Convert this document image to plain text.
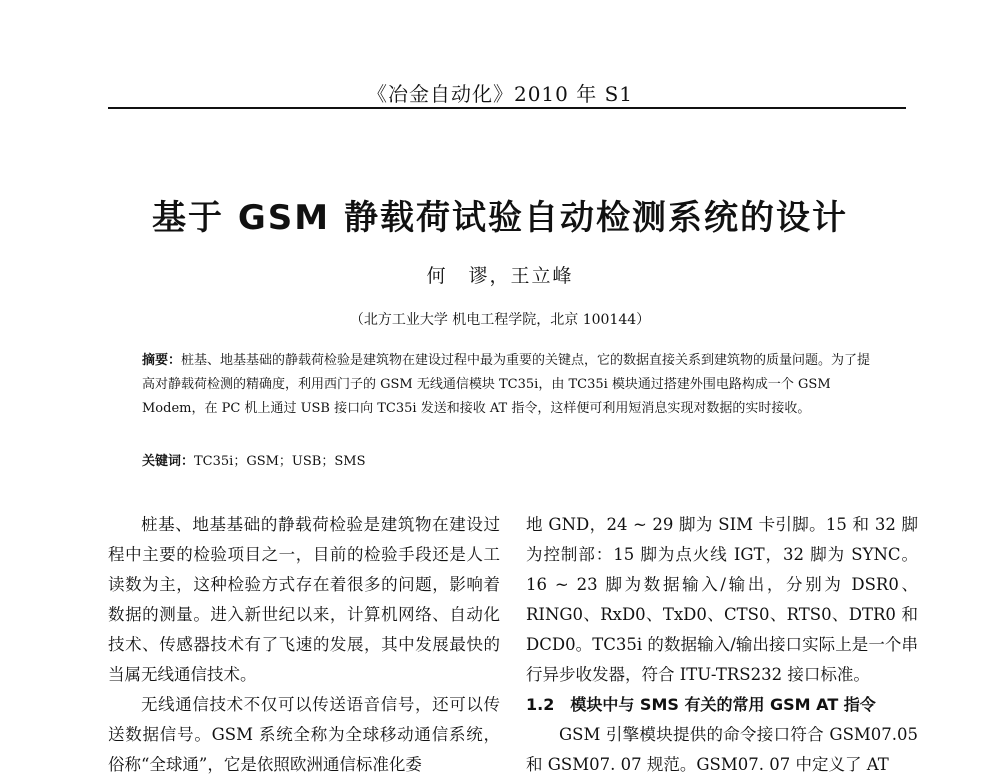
《冶金自动化》2010 年 S1
基于 GSM 静载荷试验自动检测系统的设计
何　谬，王立峰
（北方工业大学 机电工程学院，北京 100144）
摘要：桩基、地基基础的静载荷检验是建筑物在建设过程中最为重要的关键点，它的数据直接关系到建筑物的质量问题。为了提高对静载荷检测的精确度，利用西门子的 GSM 无线通信模块 TC35i，由 TC35i 模块通过搭建外围电路构成一个 GSM Modem，在 PC 机上通过 USB 接口向 TC35i 发送和接收 AT 指令，这样便可利用短消息实现对数据的实时接收。
关键词：TC35i；GSM；USB；SMS

桩基、地基基础的静载荷检验是建筑物在建设过程中主要的检验项目之一，目前的检验手段还是人工读数为主，这种检验方式存在着很多的问题，影响着数据的测量。进入新世纪以来，计算机网络、自动化技术、传感器技术有了飞速的发展，其中发展最快的当属无线通信技术。

无线通信技术不仅可以传送语音信号，还可以传送数据信号。GSM 系统全称为全球移动通信系统，俗称“全球通”，它是依照欧洲通信标准化委

地 GND，24 ~ 29 脚为 SIM 卡引脚。15 和 32 脚为控制部：15 脚为点火线 IGT，32 脚为 SYNC。16 ~ 23 脚为数据输入/输出，分别为 DSR0、RING0、RxD0、TxD0、CTS0、RTS0、DTR0 和 DCD0。TC35i 的数据输入/输出接口实际上是一个串行异步收发器，符合 ITU-TRS232 接口标准。

1.2　模块中与 SMS 有关的常用 GSM AT 指令

GSM 引擎模块提供的命令接口符合 GSM07.05 和 GSM07. 07 规范。GSM07. 07 中定义了 AT
